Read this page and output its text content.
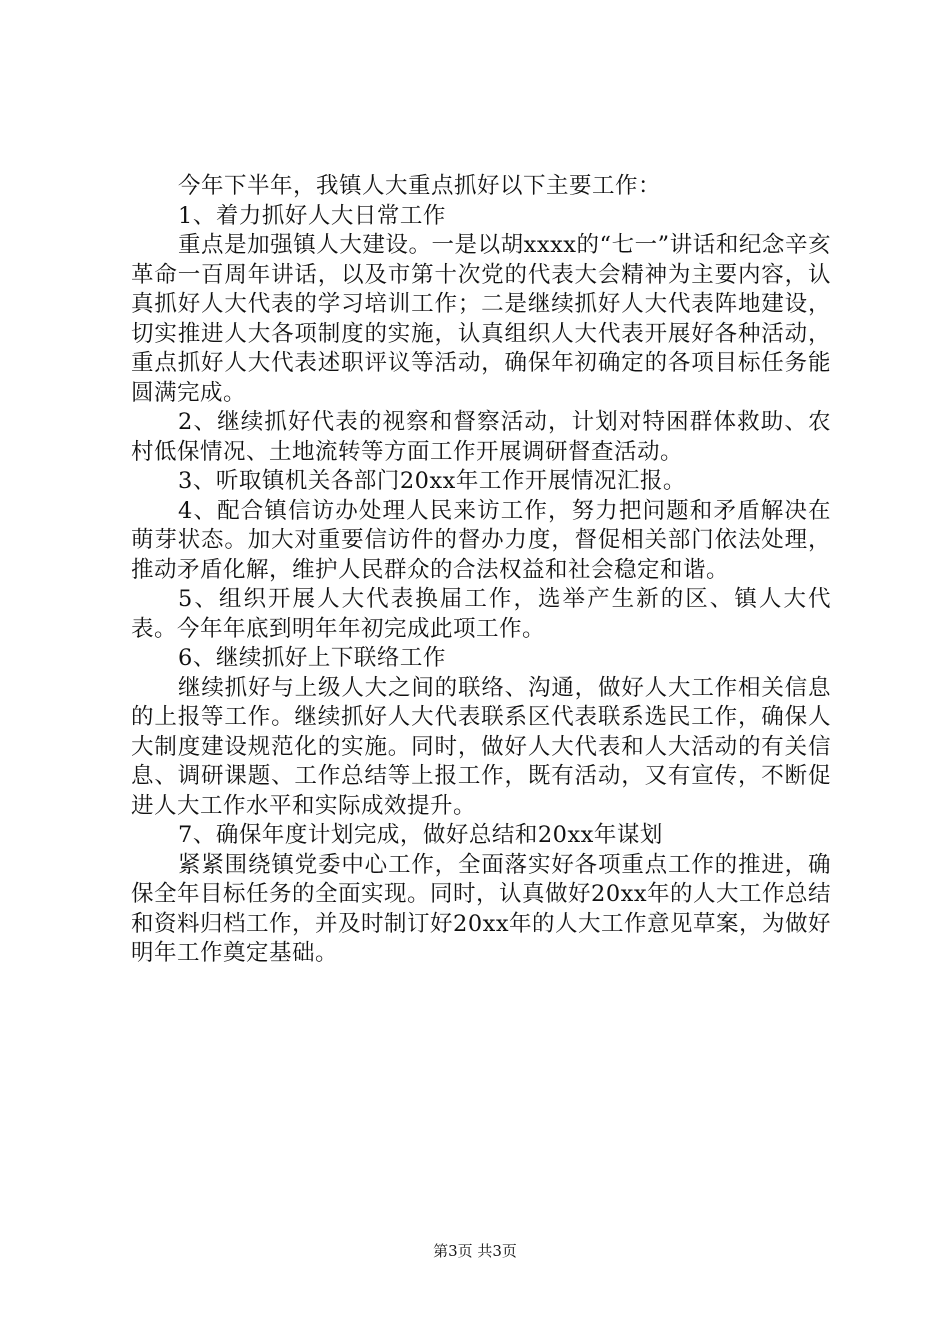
今年下半年，我镇人大重点抓好以下主要工作：

1、着力抓好人大日常工作

重点是加强镇人大建设。一是以胡xxxx的“七一”讲话和纪念辛亥革命一百周年讲话，以及市第十次党的代表大会精神为主要内容，认真抓好人大代表的学习培训工作；二是继续抓好人大代表阵地建设，切实推进人大各项制度的实施，认真组织人大代表开展好各种活动，重点抓好人大代表述职评议等活动，确保年初确定的各项目标任务能圆满完成。

2、继续抓好代表的视察和督察活动，计划对特困群体救助、农村低保情况、土地流转等方面工作开展调研督查活动。

3、听取镇机关各部门20xx年工作开展情况汇报。

4、配合镇信访办处理人民来访工作，努力把问题和矛盾解决在萌芽状态。加大对重要信访件的督办力度，督促相关部门依法处理，推动矛盾化解，维护人民群众的合法权益和社会稳定和谐。

5、组织开展人大代表换届工作，选举产生新的区、镇人大代表。今年年底到明年年初完成此项工作。

6、继续抓好上下联络工作

继续抓好与上级人大之间的联络、沟通，做好人大工作相关信息的上报等工作。继续抓好人大代表联系区代表联系选民工作，确保人大制度建设规范化的实施。同时，做好人大代表和人大活动的有关信息、调研课题、工作总结等上报工作，既有活动，又有宣传，不断促进人大工作水平和实际成效提升。

7、确保年度计划完成，做好总结和20xx年谋划

紧紧围绕镇党委中心工作，全面落实好各项重点工作的推进，确保全年目标任务的全面实现。同时，认真做好20xx年的人大工作总结和资料归档工作，并及时制订好20xx年的人大工作意见草案，为做好明年工作奠定基础。

第3页 共3页
